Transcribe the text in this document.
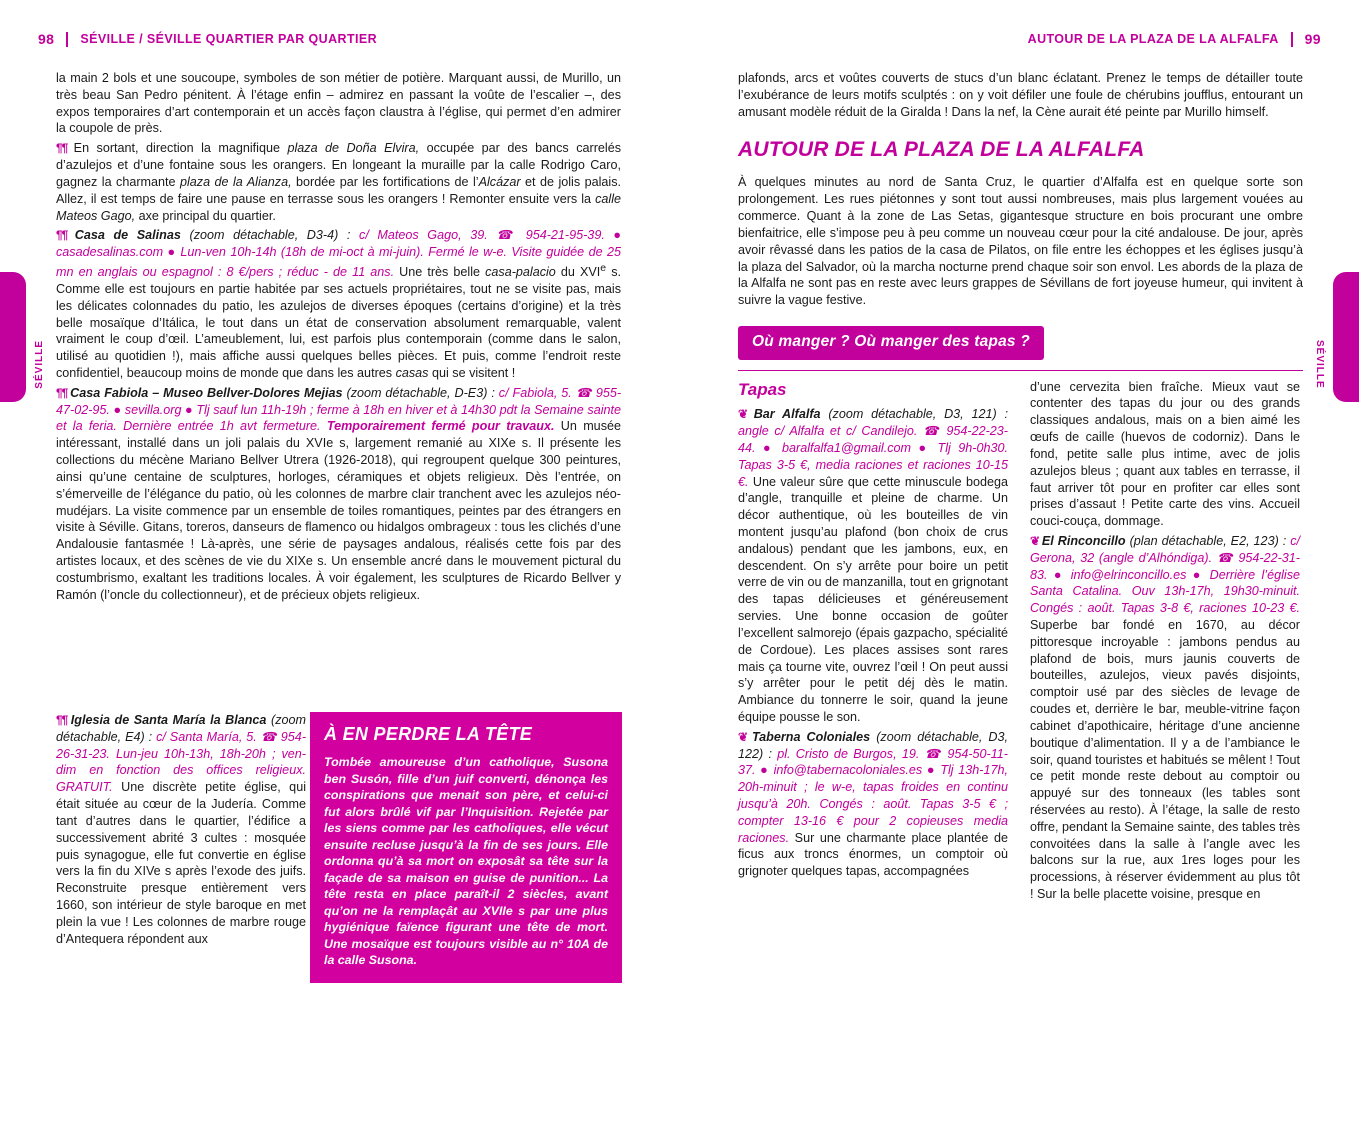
98 SÉVILLE / SÉVILLE QUARTIER PAR QUARTIER	AUTOUR DE LA PLAZA DE LA ALFALFA 99
SÉVILLE	SÉVILLE

la main 2 bols et une soucoupe, symboles de son métier de potière. Marquant aussi, de Murillo, un très beau San Pedro pénitent. À l’étage enfin – admirez en passant la voûte de l’escalier –, des expos temporaires d’art contemporain et un accès façon claustra à l’église, qui permet d’en admirer la coupole de près.

¶¶ En sortant, direction la magnifique plaza de Doña Elvira, occupée par des bancs carrelés d’azulejos et d’une fontaine sous les orangers. En longeant la muraille par la calle Rodrigo Caro, gagnez la charmante plaza de la Alianza, bordée par les fortifications de l’Alcázar et de jolis palais. Allez, il est temps de faire une pause en terrasse sous les orangers ! Remonter ensuite vers la calle Mateos Gago, axe principal du quartier.

¶¶ Casa de Salinas (zoom détachable, D3-4) : c/ Mateos Gago, 39. ☎ 954-21-95-39. ● casadesalinas.com ● Lun-ven 10h-14h (18h de mi-oct à mi-juin). Fermé le w-e. Visite guidée de 25 mn en anglais ou espagnol : 8 €/pers ; réduc - de 11 ans. Une très belle casa-palacio du XVIe s. Comme elle est toujours en partie habitée par ses actuels propriétaires, tout ne se visite pas, mais les délicates colonnades du patio, les azulejos de diverses époques (certains d’origine) et la très belle mosaïque d’Itálica, le tout dans un état de conservation absolument remarquable, valent vraiment le coup d’œil. L’ameublement, lui, est parfois plus contemporain (comme dans le salon, utilisé au quotidien !), mais affiche aussi quelques belles pièces. Et puis, comme l’endroit reste confidentiel, beaucoup moins de monde que dans les autres casas qui se visitent !

¶¶ Casa Fabiola – Museo Bellver-Dolores Mejias (zoom détachable, D-E3) : c/ Fabiola, 5. ☎ 955-47-02-95. ● sevilla.org ● Tlj sauf lun 11h-19h ; ferme à 18h en hiver et à 14h30 pdt la Semaine sainte et la feria. Dernière entrée 1h avt fermeture. Temporairement fermé pour travaux. Un musée intéressant, installé dans un joli palais du XVIe s, largement remanié au XIXe s. Il présente les collections du mécène Mariano Bellver Utrera (1926-2018), qui regroupent quelque 300 peintures, ainsi qu’une centaine de sculptures, horloges, céramiques et objets religieux. Dès l’entrée, on s’émerveille de l’élégance du patio, où les colonnes de marbre clair tranchent avec les azulejos néo-mudéjars. La visite commence par un ensemble de toiles romantiques, peintes par des étrangers en visite à Séville. Gitans, toreros, danseurs de flamenco ou hidalgos ombrageux : tous les clichés d’une Andalousie fantasmée ! Là-après, une série de paysages andalous, réalisés cette fois par des artistes locaux, et des scènes de vie du XIXe s. Un ensemble ancré dans le mouvement pictural du costumbrismo, exaltant les traditions locales. À voir également, les sculptures de Ricardo Bellver y Ramón (l’oncle du collectionneur), et de précieux objets religieux.

¶¶ Iglesia de Santa María la Blanca (zoom détachable, E4) : c/ Santa María, 5. ☎ 954-26-31-23. Lun-jeu 10h-13h, 18h-20h ; ven-dim en fonction des offices religieux. GRATUIT. Une discrète petite église, qui était située au cœur de la Judería. Comme tant d’autres dans le quartier, l’édifice a successivement abrité 3 cultes : mosquée puis synagogue, elle fut convertie en église vers la fin du XIVe s après l’exode des juifs. Reconstruite presque entièrement vers 1660, son intérieur de style baroque en met plein la vue ! Les colonnes de marbre rouge d’Antequera répondent aux

À EN PERDRE LA TÊTE

Tombée amoureuse d’un catholique, Susona ben Susón, fille d’un juif converti, dénonça les conspirations que menait son père, et celui-ci fut alors brûlé vif par l’Inquisition. Rejetée par les siens comme par les catholiques, elle vécut ensuite recluse jusqu’à la fin de ses jours. Elle ordonna qu’à sa mort on exposât sa tête sur la façade de sa maison en guise de punition... La tête resta en place paraît-il 2 siècles, avant qu’on ne la remplaçât au XVIIe s par une plus hygiénique faïence figurant une tête de mort. Une mosaïque est toujours visible au n° 10A de la calle Susona.

plafonds, arcs et voûtes couverts de stucs d’un blanc éclatant. Prenez le temps de détailler toute l’exubérance de leurs motifs sculptés : on y voit défiler une foule de chérubins joufflus, entourant un amusant modèle réduit de la Giralda ! Dans la nef, la Cène aurait été peinte par Murillo himself.

AUTOUR DE LA PLAZA DE LA ALFALFA

À quelques minutes au nord de Santa Cruz, le quartier d’Alfalfa est en quelque sorte son prolongement. Les rues piétonnes y sont tout aussi nombreuses, mais plus largement vouées au commerce. Quant à la zone de Las Setas, gigantesque structure en bois procurant une ombre bienfaitrice, elle s’impose peu à peu comme un nouveau cœur pour la cité andalouse. De jour, après avoir rêvassé dans les patios de la casa de Pilatos, on file entre les échoppes et les églises jusqu’à la plaza del Salvador, où la marcha nocturne prend chaque soir son envol. Les abords de la plaza de la Alfalfa ne sont pas en reste avec leurs grappes de Sévillans de fort joyeuse humeur, qui invitent à suivre la vague festive.

Où manger ? Où manger des tapas ?
Tapas

❦ Bar Alfalfa (zoom détachable, D3, 121) : angle c/ Alfalfa et c/ Candilejo. ☎ 954-22-23-44. ● baralfalfa1@gmail.com ● Tlj 9h-0h30. Tapas 3-5 €, media raciones et raciones 10-15 €. Une valeur sûre que cette minuscule bodega d’angle, tranquille et pleine de charme. Un décor authentique, où les bouteilles de vin montent jusqu’au plafond (bon choix de crus andalous) pendant que les jambons, eux, en descendent. On s’y arrête pour boire un petit verre de vin ou de manzanilla, tout en grignotant des tapas délicieuses et généreusement servies. Une bonne occasion de goûter l’excellent salmorejo (épais gazpacho, spécialité de Cordoue). Les places assises sont rares mais ça tourne vite, ouvrez l’œil ! On peut aussi s’y arrêter pour le petit déj dès le matin. Ambiance du tonnerre le soir, quand la jeune équipe pousse le son.

❦ Taberna Coloniales (zoom détachable, D3, 122) : pl. Cristo de Burgos, 19. ☎ 954-50-11-37. ● info@tabernacoloniales.es ● Tlj 13h-17h, 20h-minuit ; le w-e, tapas froides en continu jusqu’à 20h. Congés : août. Tapas 3-5 € ; compter 13-16 € pour 2 copieuses media raciones. Sur une charmante place plantée de ficus aux troncs énormes, un comptoir où grignoter quelques tapas, accompagnées

d’une cervezita bien fraîche. Mieux vaut se contenter des tapas du jour ou des grands classiques andalous, mais on a bien aimé les œufs de caille (huevos de codorniz). Dans le fond, petite salle plus intime, avec de jolis azulejos bleus ; quant aux tables en terrasse, il faut arriver tôt pour en profiter car elles sont prises d’assaut ! Petite carte des vins. Accueil couci-couça, dommage.

❦ El Rinconcillo (plan détachable, E2, 123) : c/ Gerona, 32 (angle d’Alhóndiga). ☎ 954-22-31-83. ● info@elrinconcillo.es ● Derrière l’église Santa Catalina. Ouv 13h-17h, 19h30-minuit. Congés : août. Tapas 3-8 €, raciones 10-23 €. Superbe bar fondé en 1670, au décor pittoresque incroyable : jambons pendus au plafond de bois, murs jaunis couverts de bouteilles, azulejos, vieux pavés disjoints, comptoir usé par des siècles de levage de coudes et, derrière le bar, meuble-vitrine façon cabinet d’apothicaire, héritage d’une ancienne boutique d’alimentation. Il y a de l’ambiance le soir, quand touristes et habitués se mêlent ! Tout ce petit monde reste debout au comptoir ou appuyé sur des tonneaux (les tables sont réservées au resto). À l’étage, la salle de resto offre, pendant la Semaine sainte, des tables très convoitées dans la salle à l’angle avec les balcons sur la rue, aux 1res loges pour les processions, à réserver évidemment au plus tôt ! Sur la belle placette voisine, presque en
